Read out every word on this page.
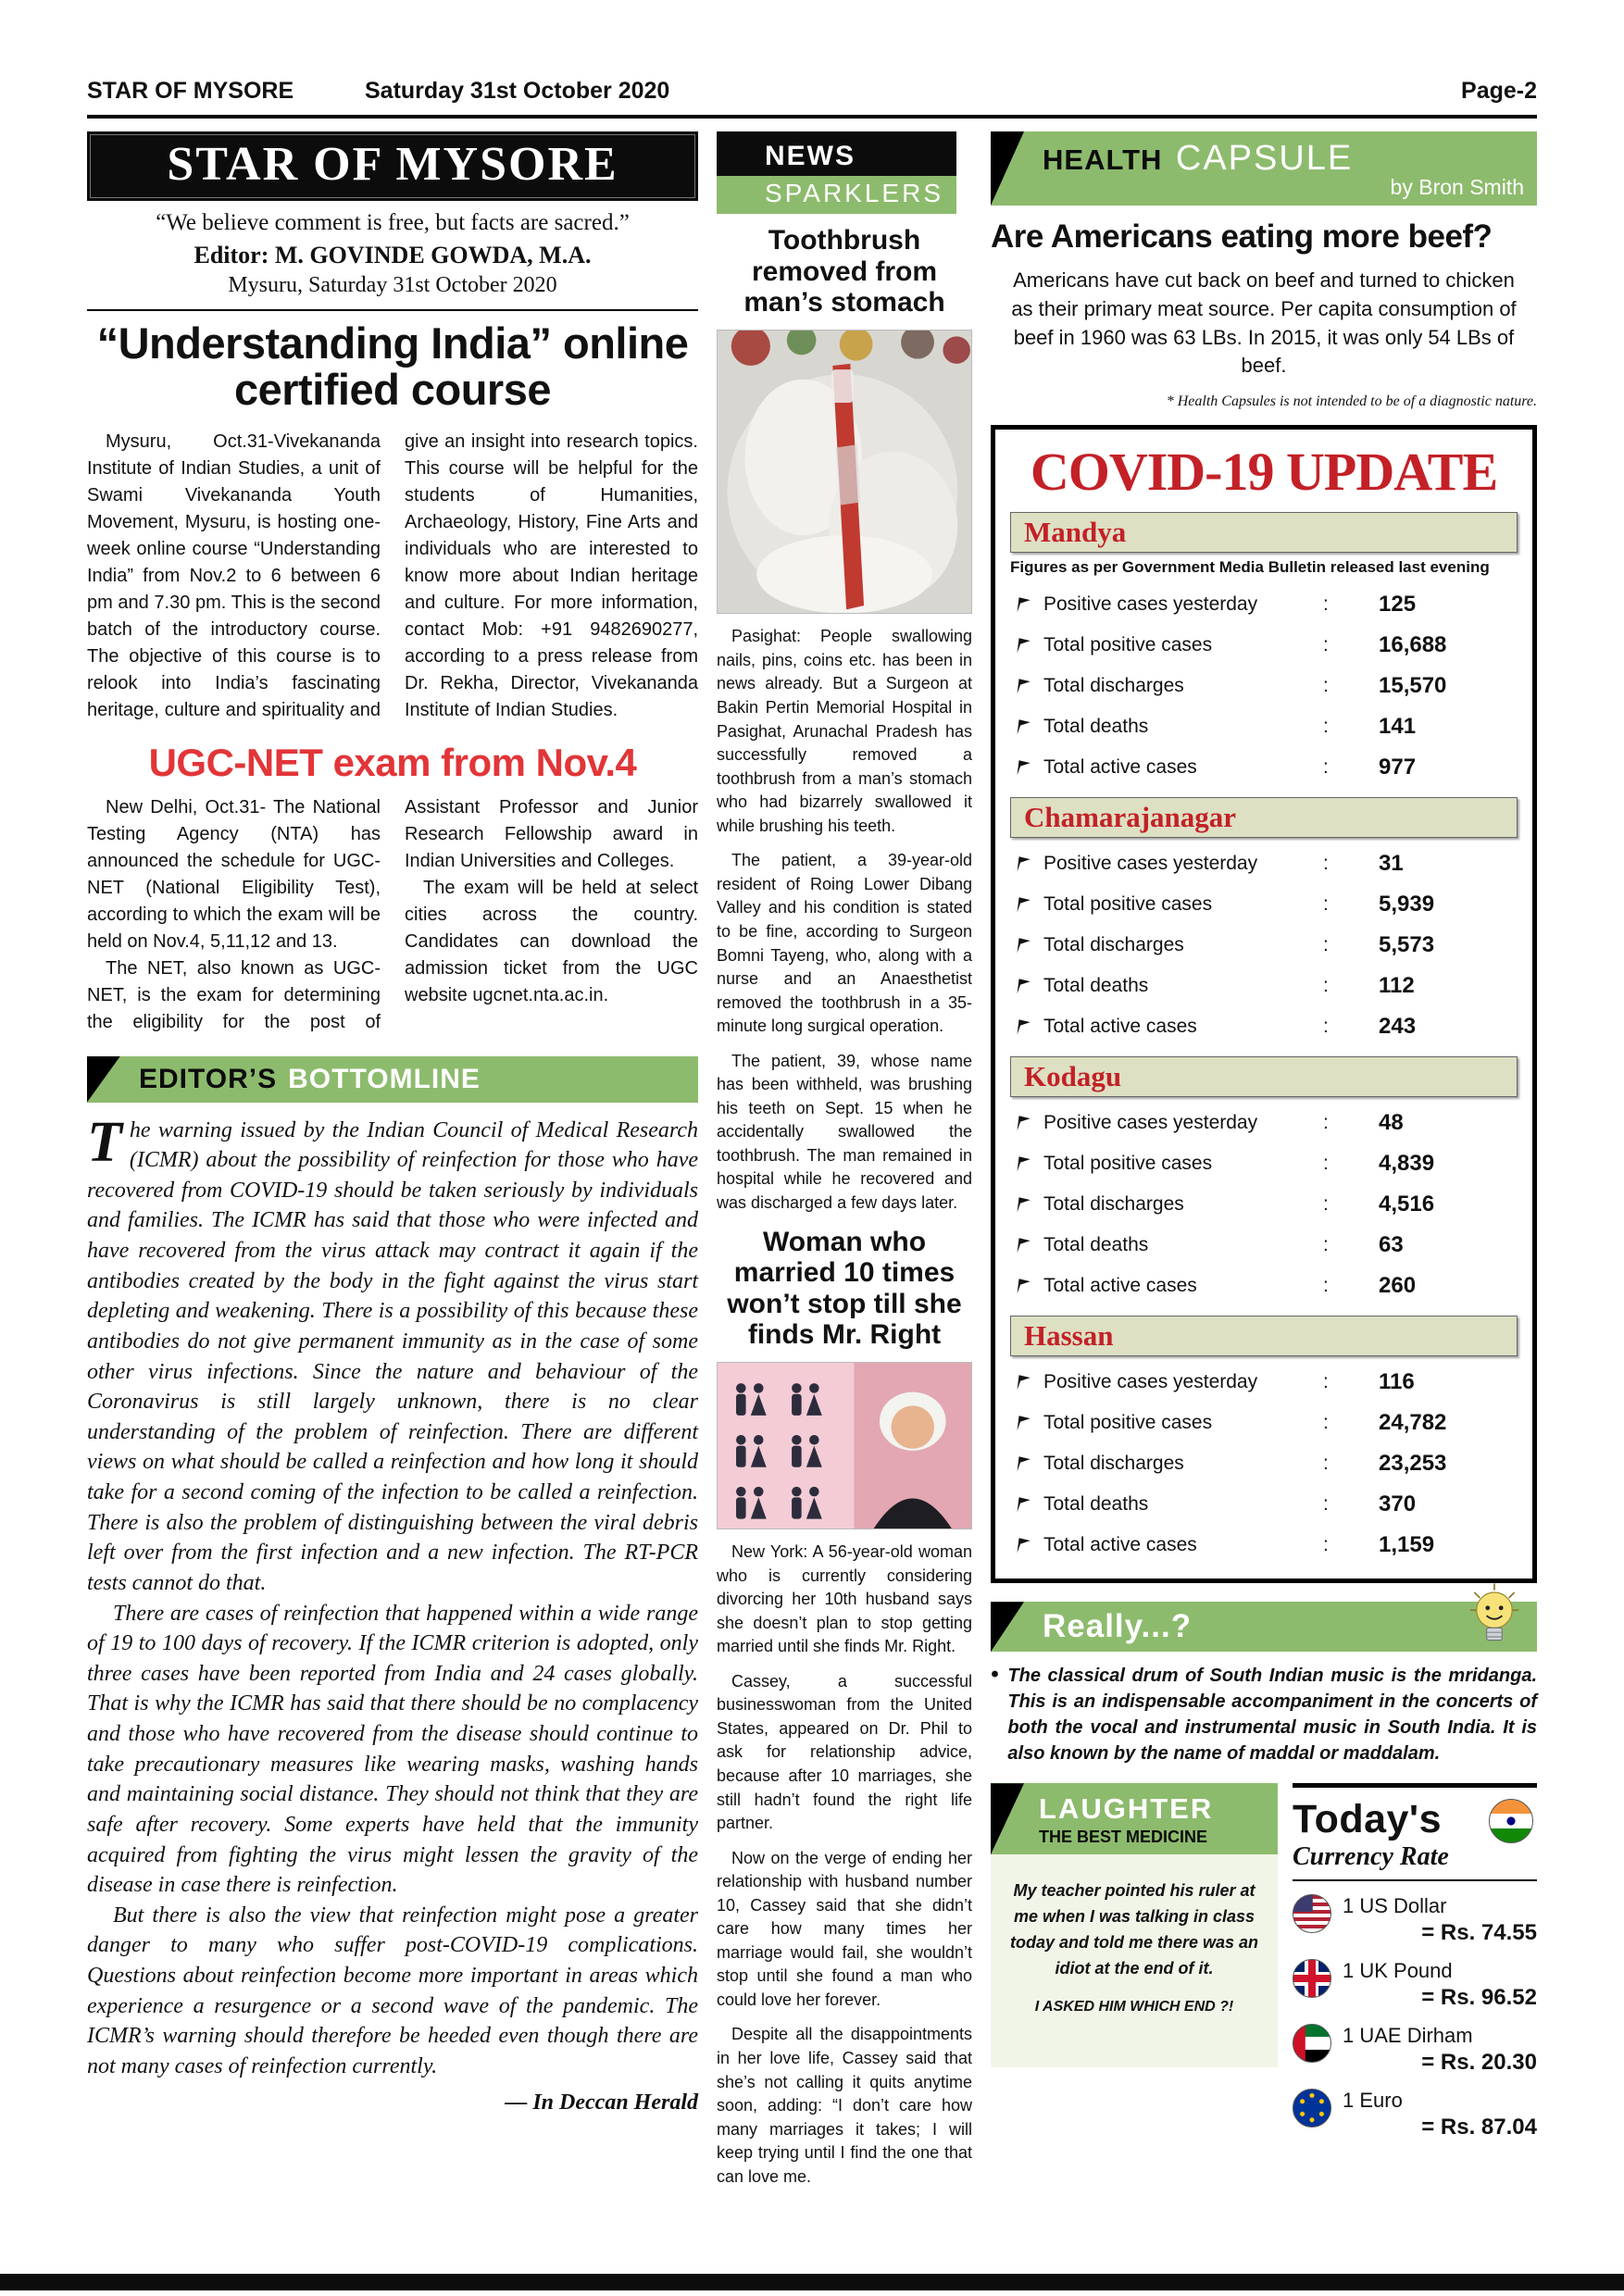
STAR OF MYSORE	Saturday 31st October 2020	Page-2
STAR OF MYSORE
“We believe comment is free, but facts are sacred.”
Editor: M. GOVINDE GOWDA, M.A.
Mysuru, Saturday 31st October 2020
“Understanding India” online certified course

Mysuru, Oct.31-Vivekananda Institute of Indian Studies, a unit of Swami Vivekananda Youth Movement, Mysuru, is hosting one-week online course “Understanding India” from Nov.2 to 6 between 6 pm and 7.30 pm. This is the second batch of the introductory course. The objective of this course is to relook into India’s fascinating heritage, culture and spirituality and give an insight into research topics. This course will be helpful for the students of Humanities, Archaeology, History, Fine Arts and individuals who are interested to know more about Indian heritage and culture. For more information, contact Mob: +91 9482690277, according to a press release from Dr. Rekha, Director, Vivekananda Institute of Indian Studies.

UGC-NET exam from Nov.4

New Delhi, Oct.31- The National Testing Agency (NTA) has announced the schedule for UGC-NET (National Eligibility Test), according to which the exam will be held on Nov.4, 5,11,12 and 13.

The NET, also known as UGC-NET, is the exam for determining the eligibility for the post of Assistant Professor and Junior Research Fellowship award in Indian Universities and Colleges.

The exam will be held at select cities across the country. Candidates can download the admission ticket from the UGC website ugcnet.nta.ac.in.

EDITOR’S BOTTOMLINE

The warning issued by the Indian Council of Medical Research (ICMR) about the possibility of reinfection for those who have recovered from COVID-19 should be taken seriously by individuals and families. The ICMR has said that those who were infected and have recovered from the virus attack may contract it again if the antibodies created by the body in the fight against the virus start depleting and weakening. There is a possibility of this because these antibodies do not give permanent immunity as in the case of some other virus infections. Since the nature and behaviour of the Coronavirus is still largely unknown, there is no clear understanding of the problem of reinfection. There are different views on what should be called a reinfection and how long it should take for a second coming of the infection to be called a reinfection. There is also the problem of distinguishing between the viral debris left over from the first infection and a new infection. The RT-PCR tests cannot do that.

There are cases of reinfection that happened within a wide range of 19 to 100 days of recovery. If the ICMR criterion is adopted, only three cases have been reported from India and 24 cases globally. That is why the ICMR has said that there should be no complacency and those who have recovered from the disease should continue to take precautionary measures like wearing masks, washing hands and maintaining social distance. They should not think that they are safe after recovery. Some experts have held that the immunity acquired from fighting the virus might lessen the gravity of the disease in case there is reinfection.

But there is also the view that reinfection might pose a greater danger to many who suffer post-COVID-19 complications. Questions about reinfection become more important in areas which experience a resurgence or a second wave of the pandemic. The ICMR’s warning should therefore be heeded even though there are not many cases of reinfection currently.

— In Deccan Herald

NEWS
SPARKLERS
Toothbrush removed from man’s stomach

Pasighat: People swallowing nails, pins, coins etc. has been in news already. But a Surgeon at Bakin Pertin Memorial Hospital in Pasighat, Arunachal Pradesh has successfully removed a toothbrush from a man’s stomach who had bizarrely swallowed it while brushing his teeth.

The patient, a 39-year-old resident of Roing Lower Dibang Valley and his condition is stated to be fine, according to Surgeon Bomni Tayeng, who, along with a nurse and an Anaesthetist removed the toothbrush in a 35-minute long surgical operation.

The patient, 39, whose name has been withheld, was brushing his teeth on Sept. 15 when he accidentally swallowed the toothbrush. The man remained in hospital while he recovered and was discharged a few days later.

Woman who married 10 times won’t stop till she finds Mr. Right

New York: A 56-year-old woman who is currently considering divorcing her 10th husband says she doesn’t plan to stop getting married until she finds Mr. Right.

Cassey, a successful businesswoman from the United States, appeared on Dr. Phil to ask for relationship advice, because after 10 marriages, she still hadn’t found the right life partner.

Now on the verge of ending her relationship with husband number 10, Cassey said that she didn’t care how many times her marriage would fail, she wouldn’t stop until she found a man who could love her forever.

Despite all the disappointments in her love life, Cassey said that she’s not calling it quits anytime soon, adding: “I don’t care how many marriages it takes; I will keep trying until I find the one that can love me.

HEALTH CAPSULE
by Bron Smith
Are Americans eating more beef?

Americans have cut back on beef and turned to chicken as their primary meat source. Per capita consumption of beef in 1960 was 63 LBs. In 2015, it was only 54 LBs of beef.

* Health Capsules is not intended to be of a diagnostic nature.

COVID-19 UPDATE
Mandya
Figures as per Government Media Bulletin released last evening
Positive cases yesterday	:	125
Total positive cases	:	16,688
Total discharges	:	15,570
Total deaths	:	141
Total active cases	:	977
Chamarajanagar
Positive cases yesterday	:	31
Total positive cases	:	5,939
Total discharges	:	5,573
Total deaths	:	112
Total active cases	:	243
Kodagu
Positive cases yesterday	:	48
Total positive cases	:	4,839
Total discharges	:	4,516
Total deaths	:	63
Total active cases	:	260
Hassan
Positive cases yesterday	:	116
Total positive cases	:	24,782
Total discharges	:	23,253
Total deaths	:	370
Total active cases	:	1,159
Really...?
• The classical drum of South Indian music is the mridanga. This is an indispensable accompaniment in the concerts of both the vocal and instrumental music in South India. It is also known by the name of maddal or maddalam.
LAUGHTER
THE BEST MEDICINE

My teacher pointed his ruler at me when I was talking in class today and told me there was an idiot at the end of it.

I ASKED HIM WHICH END ?!

Today's
Currency Rate
1 US Dollar
= Rs. 74.55
1 UK Pound
= Rs. 96.52
1 UAE Dirham
= Rs. 20.30
1 Euro
= Rs. 87.04
